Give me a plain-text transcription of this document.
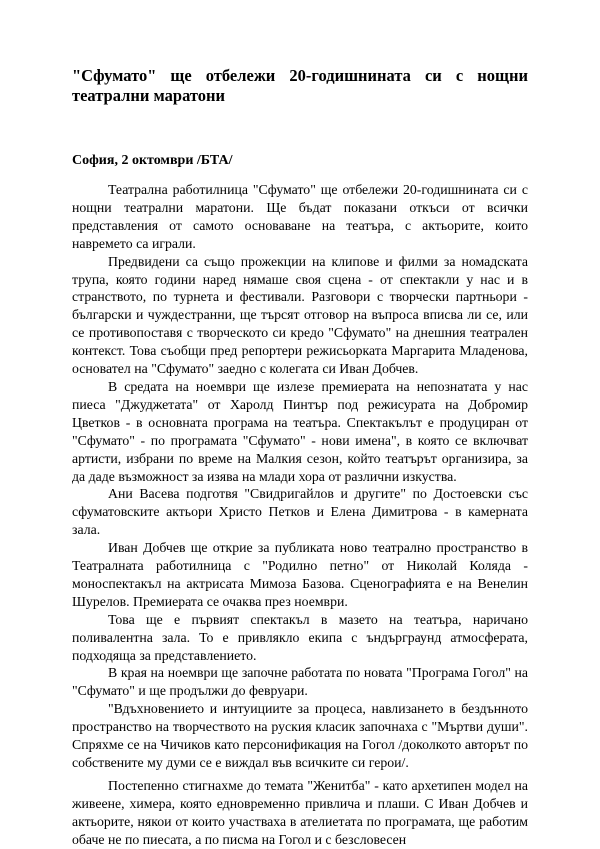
"Сфумато" ще отбележи 20-годишнината си с нощни театрални маратони
София, 2 октомври /БТА/

Театрална работилница "Сфумато" ще отбележи 20-годишнината си с нощни театрални маратони. Ще бъдат показани откъси от всички представления от самото основаване на театъра, с актьорите, които навремето са играли.

Предвидени са също прожекции на клипове и филми за номадската трупа, която години наред нямаше своя сцена - от спектакли у нас и в странството, по турнета и фестивали. Разговори с творчески партньори - български и чуждестранни, ще търсят отговор на въпроса вписва ли се, или се противопоставя с творческото си кредо "Сфумато" на днешния театрален контекст. Това съобщи пред репортери режисьорката Маргарита Младенова, основател на "Сфумато" заедно с колегата си Иван Добчев.

В средата на ноември ще излезе премиерата на непознатата у нас пиеса "Джуджетата" от Харолд Пинтър под режисурата на Добромир Цветков - в основната програма на театъра. Спектакълът е продуциран от "Сфумато" - по програмата "Сфумато" - нови имена", в която се включват артисти, избрани по време на Малкия сезон, който театърът организира, за да даде възможност за изява на млади хора от различни изкуства.

Ани Васева подготвя "Свидригайлов и другите" по Достоевски със сфуматовските актьори Христо Петков и Елена Димитрова - в камерната зала.

Иван Добчев ще открие за публиката ново театрално пространство в Театралната работилница с "Родилно петно" от Николай Коляда - моноспектакъл на актрисата Мимоза Базова. Сценографията е на Венелин Шурелов. Премиерата се очаква през ноември.

Това ще е първият спектакъл в мазето на театъра, наричано поливалентна зала. То е привлякло екипа с ъндърграунд атмосферата, подходяща за представлението.

В края на ноември ще започне работата по новата "Програма Гогол" на "Сфумато" и ще продължи до февруари.

"Вдъхновението и интуициите за процеса, навлизането в бездънното пространство на творчеството на руския класик започнаха с "Мъртви души". Спряхме се на Чичиков като персонификация на Гогол /доколкото авторът по собствените му думи се е виждал във всичките си герои/.

Постепенно стигнахме до темата "Женитба" - като архетипен модел на живеене, химера, която едновременно привлича и плаши. С Иван Добчев и актьорите, някои от които участваха в ателиетата по програмата, ще работим обаче не по пиесата, а по писма на Гогол и с безсловесен
